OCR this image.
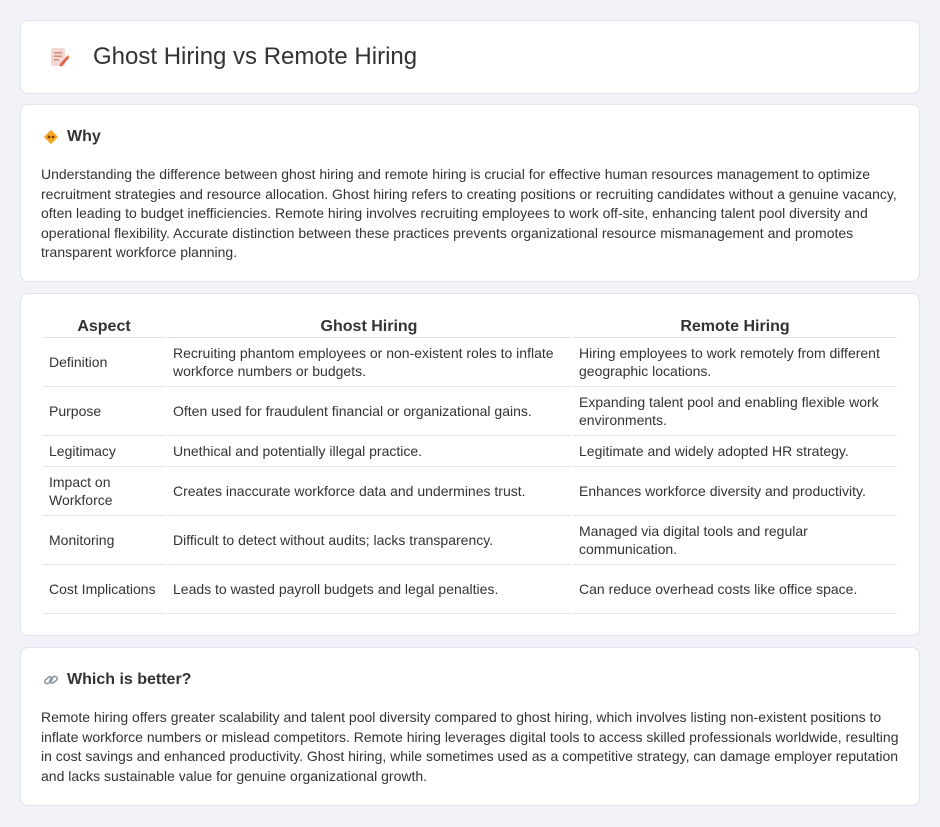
Ghost Hiring vs Remote Hiring
Why

Understanding the difference between ghost hiring and remote hiring is crucial for effective human resources management to optimize recruitment strategies and resource allocation. Ghost hiring refers to creating positions or recruiting candidates without a genuine vacancy, often leading to budget inefficiencies. Remote hiring involves recruiting employees to work off-site, enhancing talent pool diversity and operational flexibility. Accurate distinction between these practices prevents organizational resource mismanagement and promotes transparent workforce planning.

Aspect	Ghost Hiring	Remote Hiring
Definition	Recruiting phantom employees or non-existent roles to inflate workforce numbers or budgets.	Hiring employees to work remotely from different geographic locations.
Purpose	Often used for fraudulent financial or organizational gains.	Expanding talent pool and enabling flexible work environments.
Legitimacy	Unethical and potentially illegal practice.	Legitimate and widely adopted HR strategy.
Impact on Workforce	Creates inaccurate workforce data and undermines trust.	Enhances workforce diversity and productivity.
Monitoring	Difficult to detect without audits; lacks transparency.	Managed via digital tools and regular communication.
Cost Implications	Leads to wasted payroll budgets and legal penalties.	Can reduce overhead costs like office space.
Which is better?

Remote hiring offers greater scalability and talent pool diversity compared to ghost hiring, which involves listing non-existent positions to inflate workforce numbers or mislead competitors. Remote hiring leverages digital tools to access skilled professionals worldwide, resulting in cost savings and enhanced productivity. Ghost hiring, while sometimes used as a competitive strategy, can damage employer reputation and lacks sustainable value for genuine organizational growth.
